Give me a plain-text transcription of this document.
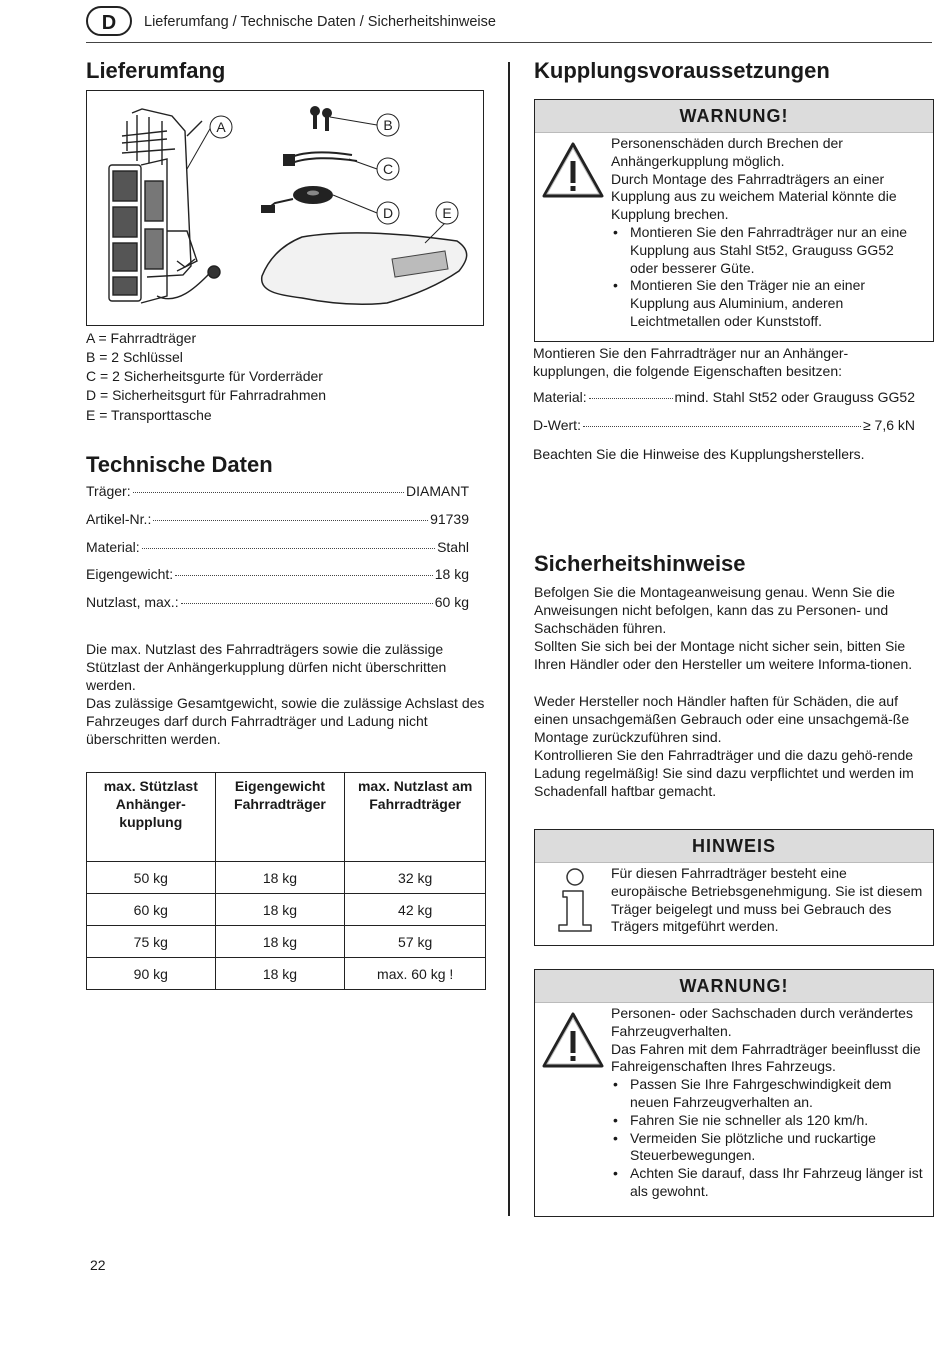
D	Lieferumfang / Technische Daten / Sicherheitshinweise
Lieferumfang
A	B
C
D	E
A = Fahrradträger
B = 2 Schlüssel
C = 2 Sicherheitsgurte für Vorderräder
D = Sicherheitsgurt für Fahrradrahmen
E = Transporttasche
Technische Daten
Träger:	DIAMANT
Artikel-Nr.:	91739
Material:	Stahl
Eigengewicht:	18 kg
Nutzlast, max.:	60 kg
Die max. Nutzlast des Fahrradträgers sowie die zulässige Stützlast der Anhängerkupplung dürfen nicht überschritten werden.
Das zulässige Gesamtgewicht, sowie die zulässige Achslast des Fahrzeuges darf durch Fahrradträger und Ladung nicht überschritten werden.
max. Stützlast Anhänger-kupplung	Eigengewicht Fahrradträger	max. Nutzlast am Fahrradträger
50 kg	18 kg	32 kg
60 kg	18 kg	42 kg
75 kg	18 kg	57 kg
90 kg	18 kg	max. 60 kg !
Kupplungsvoraussetzungen
WARNUNG!
Personenschäden durch Brechen der Anhängerkupplung möglich.
Durch Montage des Fahrradträgers an einer Kupplung aus zu weichem Material könnte die Kupplung brechen.
• Montieren Sie den Fahrradträger nur an eine Kupplung aus Stahl St52, Grauguss GG52 oder besserer Güte.
• Montieren Sie den Träger nie an einer Kupplung aus Aluminium, anderen Leichtmetallen oder Kunststoff.
Montieren Sie den Fahrradträger nur an Anhänger-kupplungen, die folgende Eigenschaften besitzen:
Material:	mind. Stahl St52 oder Grauguss GG52
D-Wert:	≥ 7,6 kN
Beachten Sie die Hinweise des Kupplungsherstellers.
Sicherheitshinweise
Befolgen Sie die Montageanweisung genau. Wenn Sie die Anweisungen nicht befolgen, kann das zu Personen- und Sachschäden führen.
Sollten Sie sich bei der Montage nicht sicher sein, bitten Sie Ihren Händler oder den Hersteller um weitere Informa-tionen.
Weder Hersteller noch Händler haften für Schäden, die auf einen unsachgemäßen Gebrauch oder eine unsachgemä-ße Montage zurückzuführen sind.
Kontrollieren Sie den Fahrradträger und die dazu gehö-rende Ladung regelmäßig! Sie sind dazu verpflichtet und werden im Schadenfall haftbar gemacht.
HINWEIS
Für diesen Fahrradträger besteht eine europäische Betriebsgenehmigung. Sie ist diesem Träger beigelegt und muss bei Gebrauch des Trägers mitgeführt werden.
WARNUNG!
Personen- oder Sachschaden durch verändertes Fahrzeugverhalten.
Das Fahren mit dem Fahrradträger beeinflusst die Fahreigenschaften Ihres Fahrzeugs.
• Passen Sie Ihre Fahrgeschwindigkeit dem neuen Fahrzeugverhalten an.
• Fahren Sie nie schneller als 120 km/h.
• Vermeiden Sie plötzliche und ruckartige Steuerbewegungen.
• Achten Sie darauf, dass Ihr Fahrzeug länger ist als gewohnt.
22
